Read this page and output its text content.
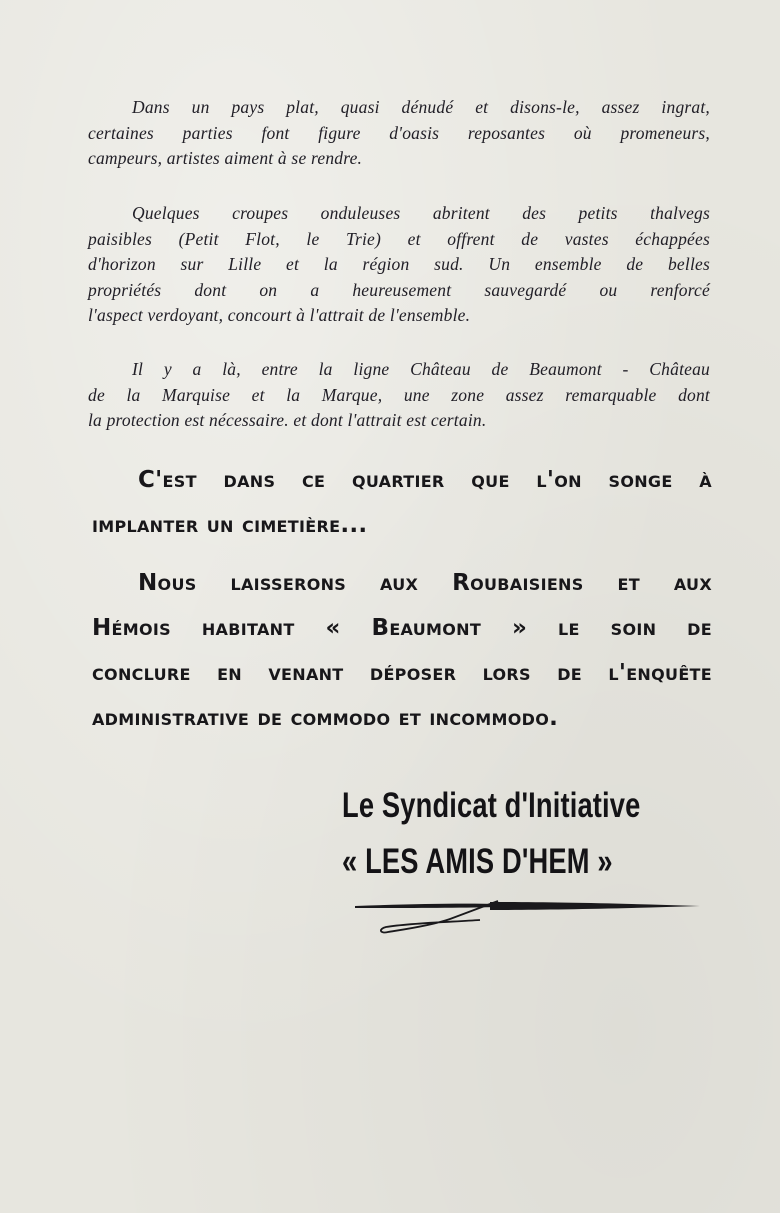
Dans un pays plat, quasi dénudé et disons-le, assez ingrat,
certaines parties font figure d'oasis reposantes où promeneurs,
campeurs, artistes aiment à se rendre.
Quelques croupes onduleuses abritent des petits thalvegs
paisibles (Petit Flot, le Trie) et offrent de vastes échappées
d'horizon sur Lille et la région sud. Un ensemble de belles
propriétés dont on a heureusement sauvegardé ou renforcé
l'aspect verdoyant, concourt à l'attrait de l'ensemble.
Il y a là, entre la ligne Château de Beaumont - Château
de la Marquise et la Marque, une zone assez remarquable dont
la protection est nécessaire. et dont l'attrait est certain.
C'est dans ce quartier que l'on songe à
implanter un cimetière...
Nous laisserons aux Roubaisiens et aux
Hémois habitant « Beaumont » le soin de
conclure en venant déposer lors de l'enquête
administrative de commodo et incommodo.
Le Syndicat d'Initiative
« LES AMIS D'HEM »
